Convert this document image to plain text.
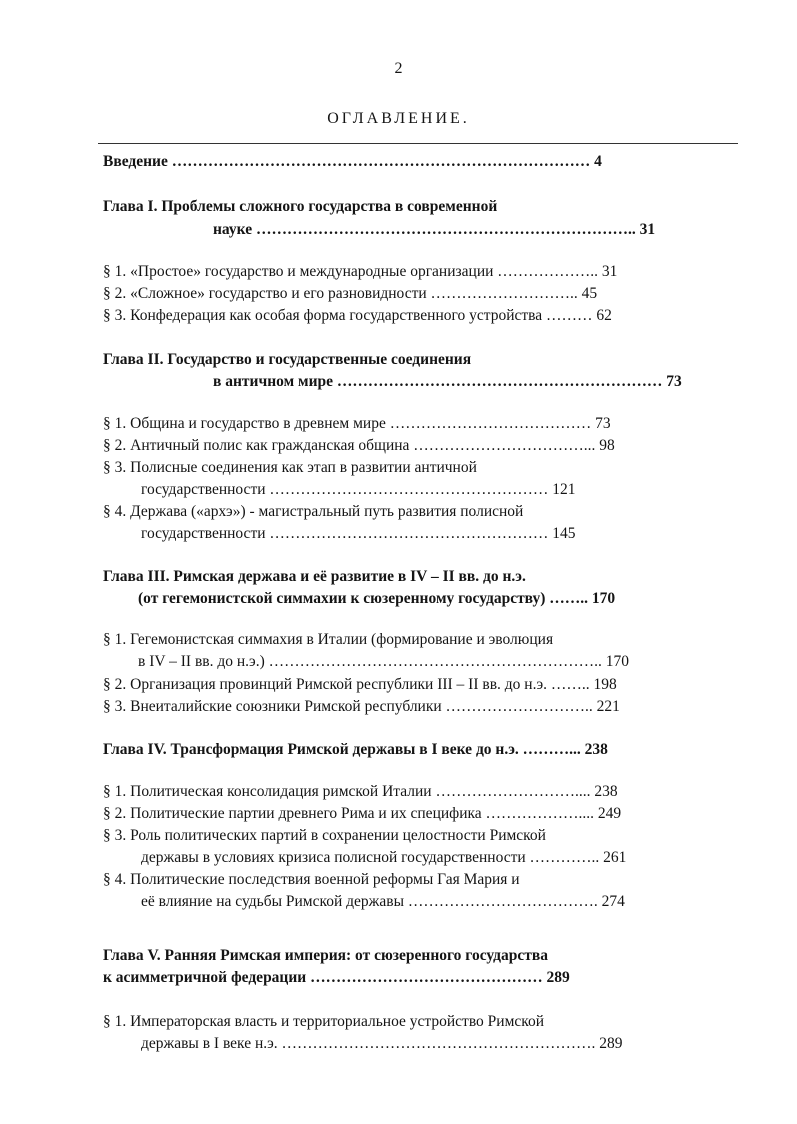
2
ОГЛАВЛЕНИЕ.
Введение ……………………………………………………………………… 4
Глава I. Проблемы сложного государства в современной
науке ……………………………………………………………….. 31
§ 1. «Простое» государство и международные организации ……………….. 31
§ 2. «Сложное» государство и его разновидности ……………………….. 45
§ 3. Конфедерация как особая форма государственного устройства ……… 62
Глава II. Государство и государственные соединения
в античном мире ……………………………………………………… 73
§ 1. Община и государство в древнем мире ………………………………… 73
§ 2. Античный полис как гражданская община ……………………………... 98
§ 3. Полисные соединения как этап в развитии античной
государственности ……………………………………………… 121
§ 4. Держава («архэ») - магистральный путь развития полисной
государственности ……………………………………………… 145
Глава III. Римская держава и её развитие в IV – II вв. до н.э.
(от гегемонистской симмахии к сюзеренному государству) …….. 170
§ 1. Гегемонистская симмахия в Италии (формирование и эволюция
в IV – II вв. до н.э.) ……………………………………………………….. 170
§ 2. Организация провинций Римской республики III – II вв. до н.э. …….. 198
§ 3. Внеиталийские союзники Римской республики ……………………….. 221
Глава IV. Трансформация Римской державы в I веке до н.э. ………... 238
§ 1. Политическая консолидация римской Италии ……………………….... 238
§ 2. Политические партии древнего Рима и их специфика ……………….... 249
§ 3. Роль политических партий в сохранении целостности Римской
державы в условиях кризиса полисной государственности ………….. 261
§ 4. Политические последствия военной реформы Гая Мария и
её влияние на судьбы Римской державы ………………………………. 274
Глава V. Ранняя Римская империя: от сюзеренного государства
к асимметричной федерации ……………………………………… 289
§ 1. Императорская власть и территориальное устройство Римской
державы в I веке н.э. ……………………………………………………. 289
